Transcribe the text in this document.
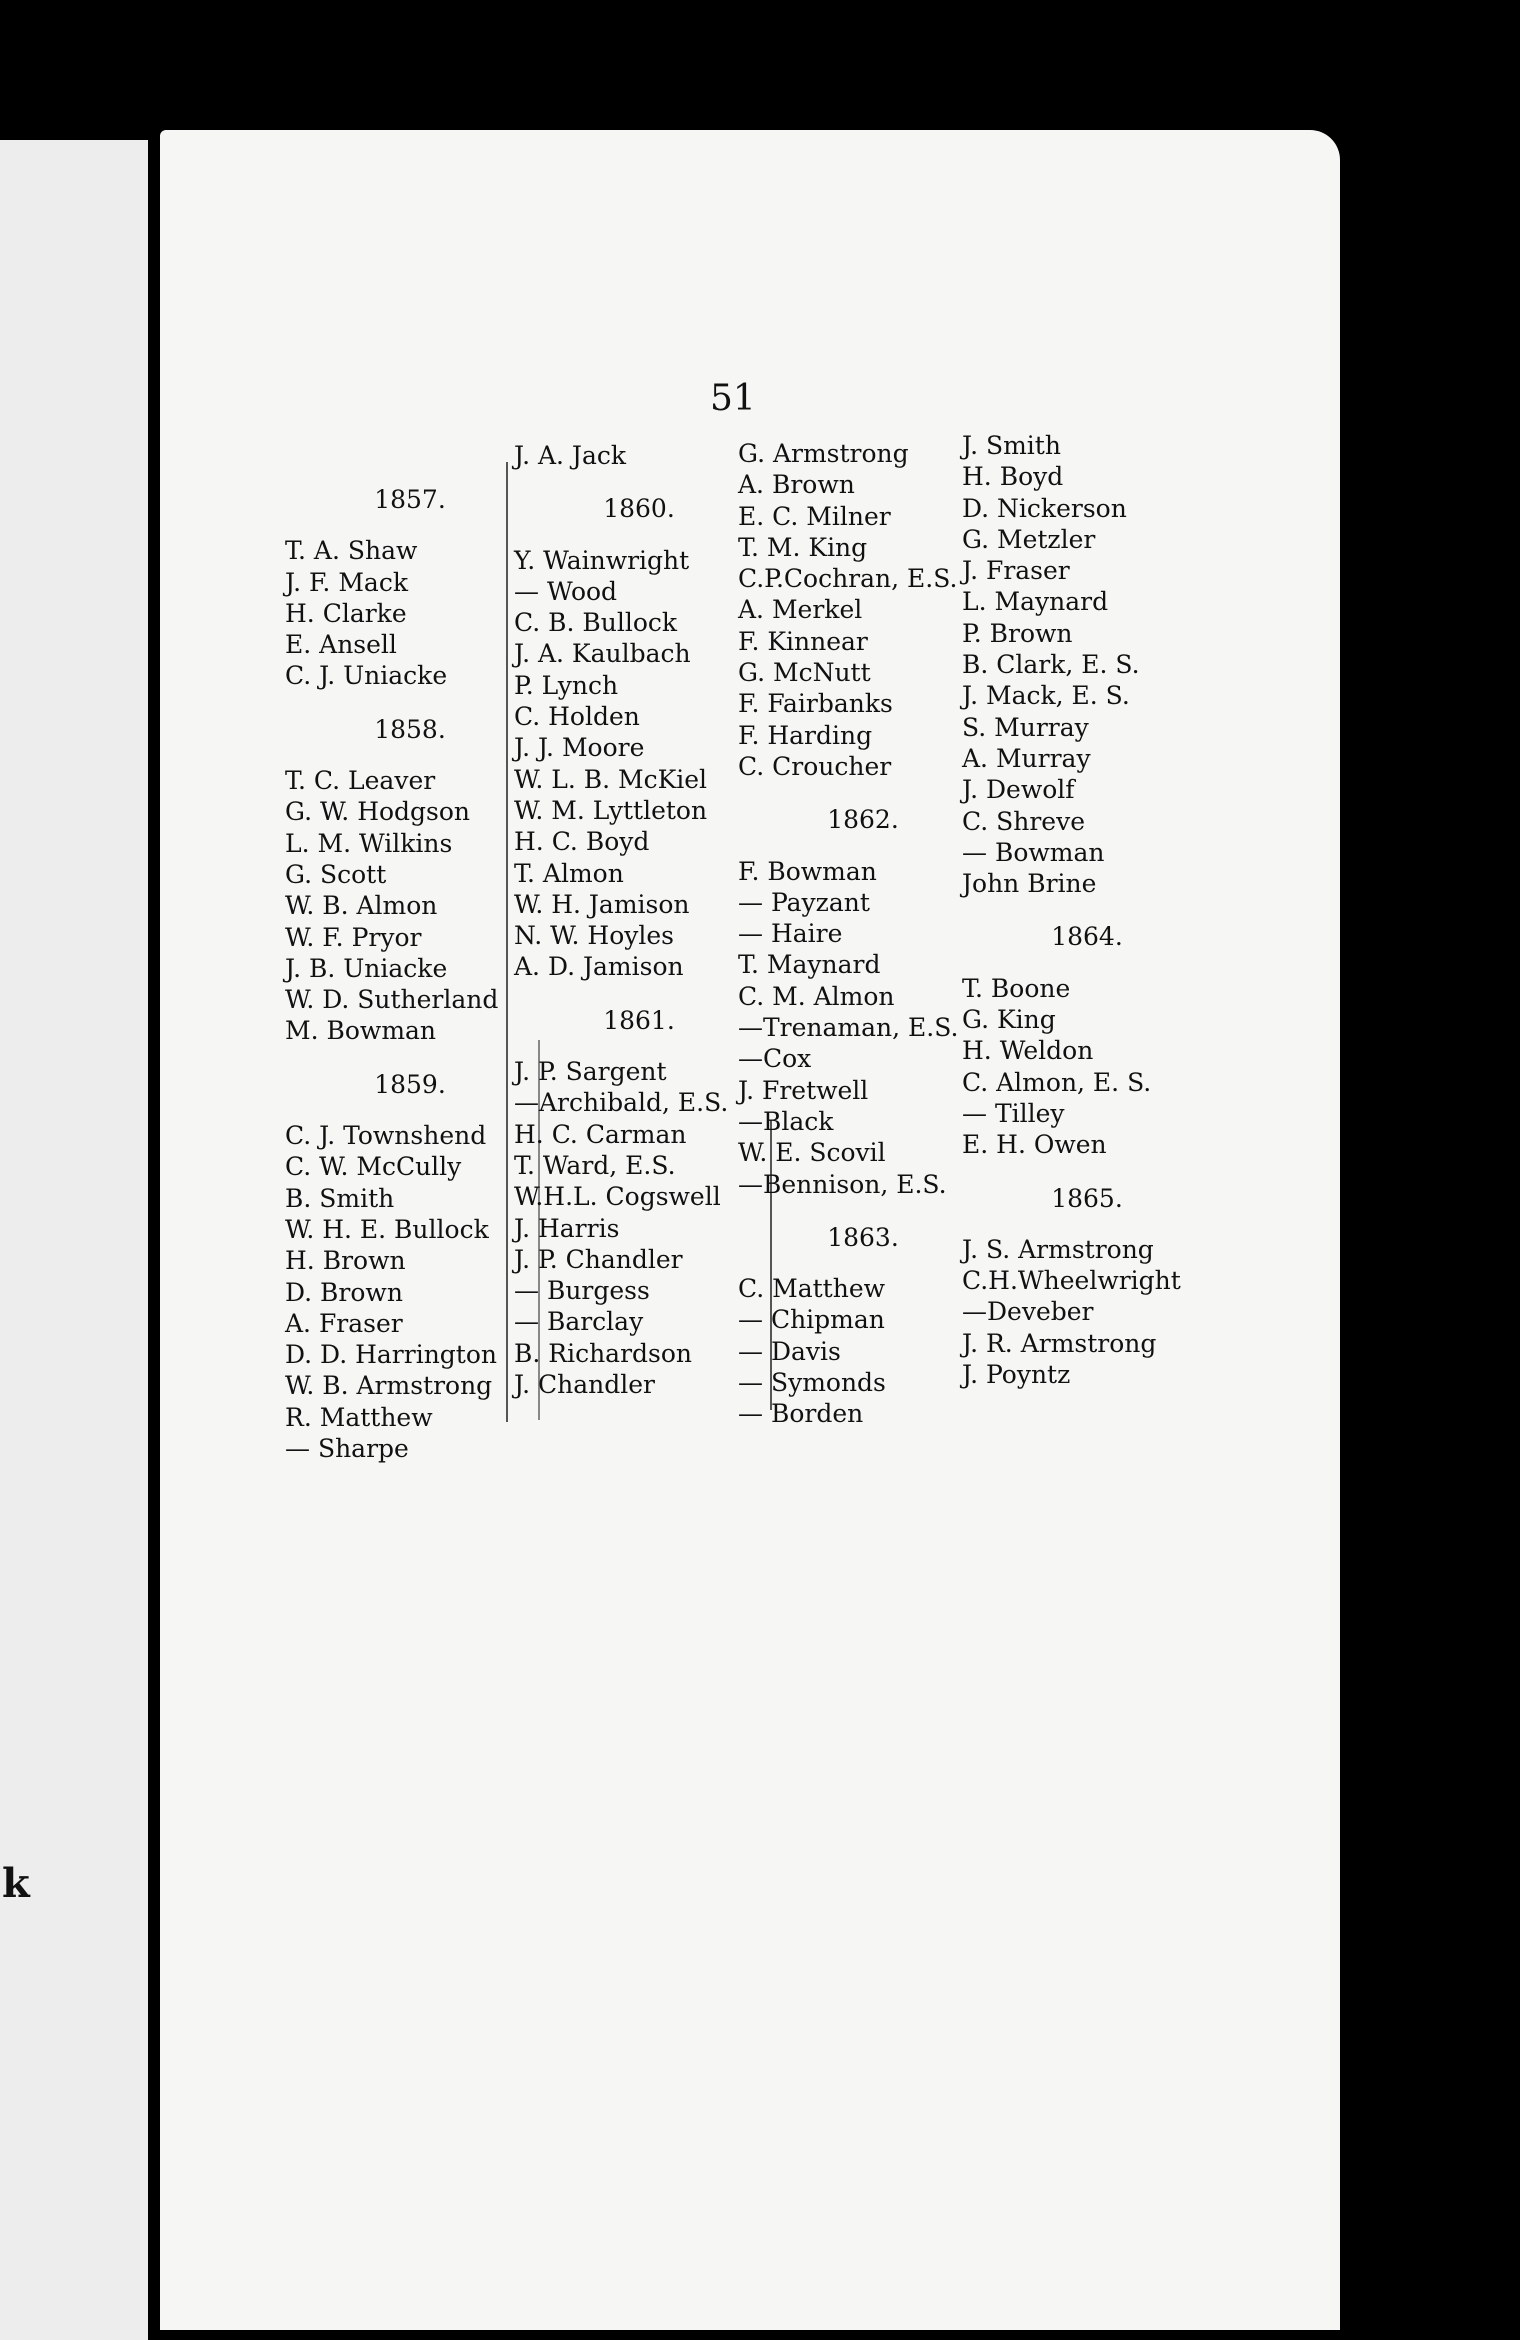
k
51
1857.
T. A. Shaw
J. F. Mack
H. Clarke
E. Ansell
C. J. Uniacke
1858.
T. C. Leaver
G. W. Hodgson
L. M. Wilkins
G. Scott
W. B. Almon
W. F. Pryor
J. B. Uniacke
W. D. Sutherland
M. Bowman
1859.
C. J. Townshend
C. W. McCully
B. Smith
W. H. E. Bullock
H. Brown
D. Brown
A. Fraser
D. D. Harrington
W. B. Armstrong
R. Matthew
— Sharpe
J. A. Jack
1860.
Y. Wainwright
— Wood
C. B. Bullock
J. A. Kaulbach
P. Lynch
C. Holden
J. J. Moore
W. L. B. McKiel
W. M. Lyttleton
H. C. Boyd
T. Almon
W. H. Jamison
N. W. Hoyles
A. D. Jamison
1861.
J. P. Sargent
—Archibald, E.S.
H. C. Carman
T. Ward, E.S.
W.H.L. Cogswell
J. Harris
J. P. Chandler
— Burgess
— Barclay
B. Richardson
J. Chandler
G. Armstrong
A. Brown
E. C. Milner
T. M. King
C.P.Cochran, E.S.
A. Merkel
F. Kinnear
G. McNutt
F. Fairbanks
F. Harding
C. Croucher
1862.
F. Bowman
— Payzant
— Haire
T. Maynard
C. M. Almon
—Trenaman, E.S.
—Cox
J. Fretwell
—Black
W. E. Scovil
—Bennison, E.S.
1863.
C. Matthew
— Chipman
— Davis
— Symonds
— Borden
J. Smith
H. Boyd
D. Nickerson
G. Metzler
J. Fraser
L. Maynard
P. Brown
B. Clark, E. S.
J. Mack, E. S.
S. Murray
A. Murray
J. Dewolf
C. Shreve
— Bowman
John Brine
1864.
T. Boone
G. King
H. Weldon
C. Almon, E. S.
— Tilley
E. H. Owen
1865.
J. S. Armstrong
C.H.Wheelwright
—Deveber
J. R. Armstrong
J. Poyntz
